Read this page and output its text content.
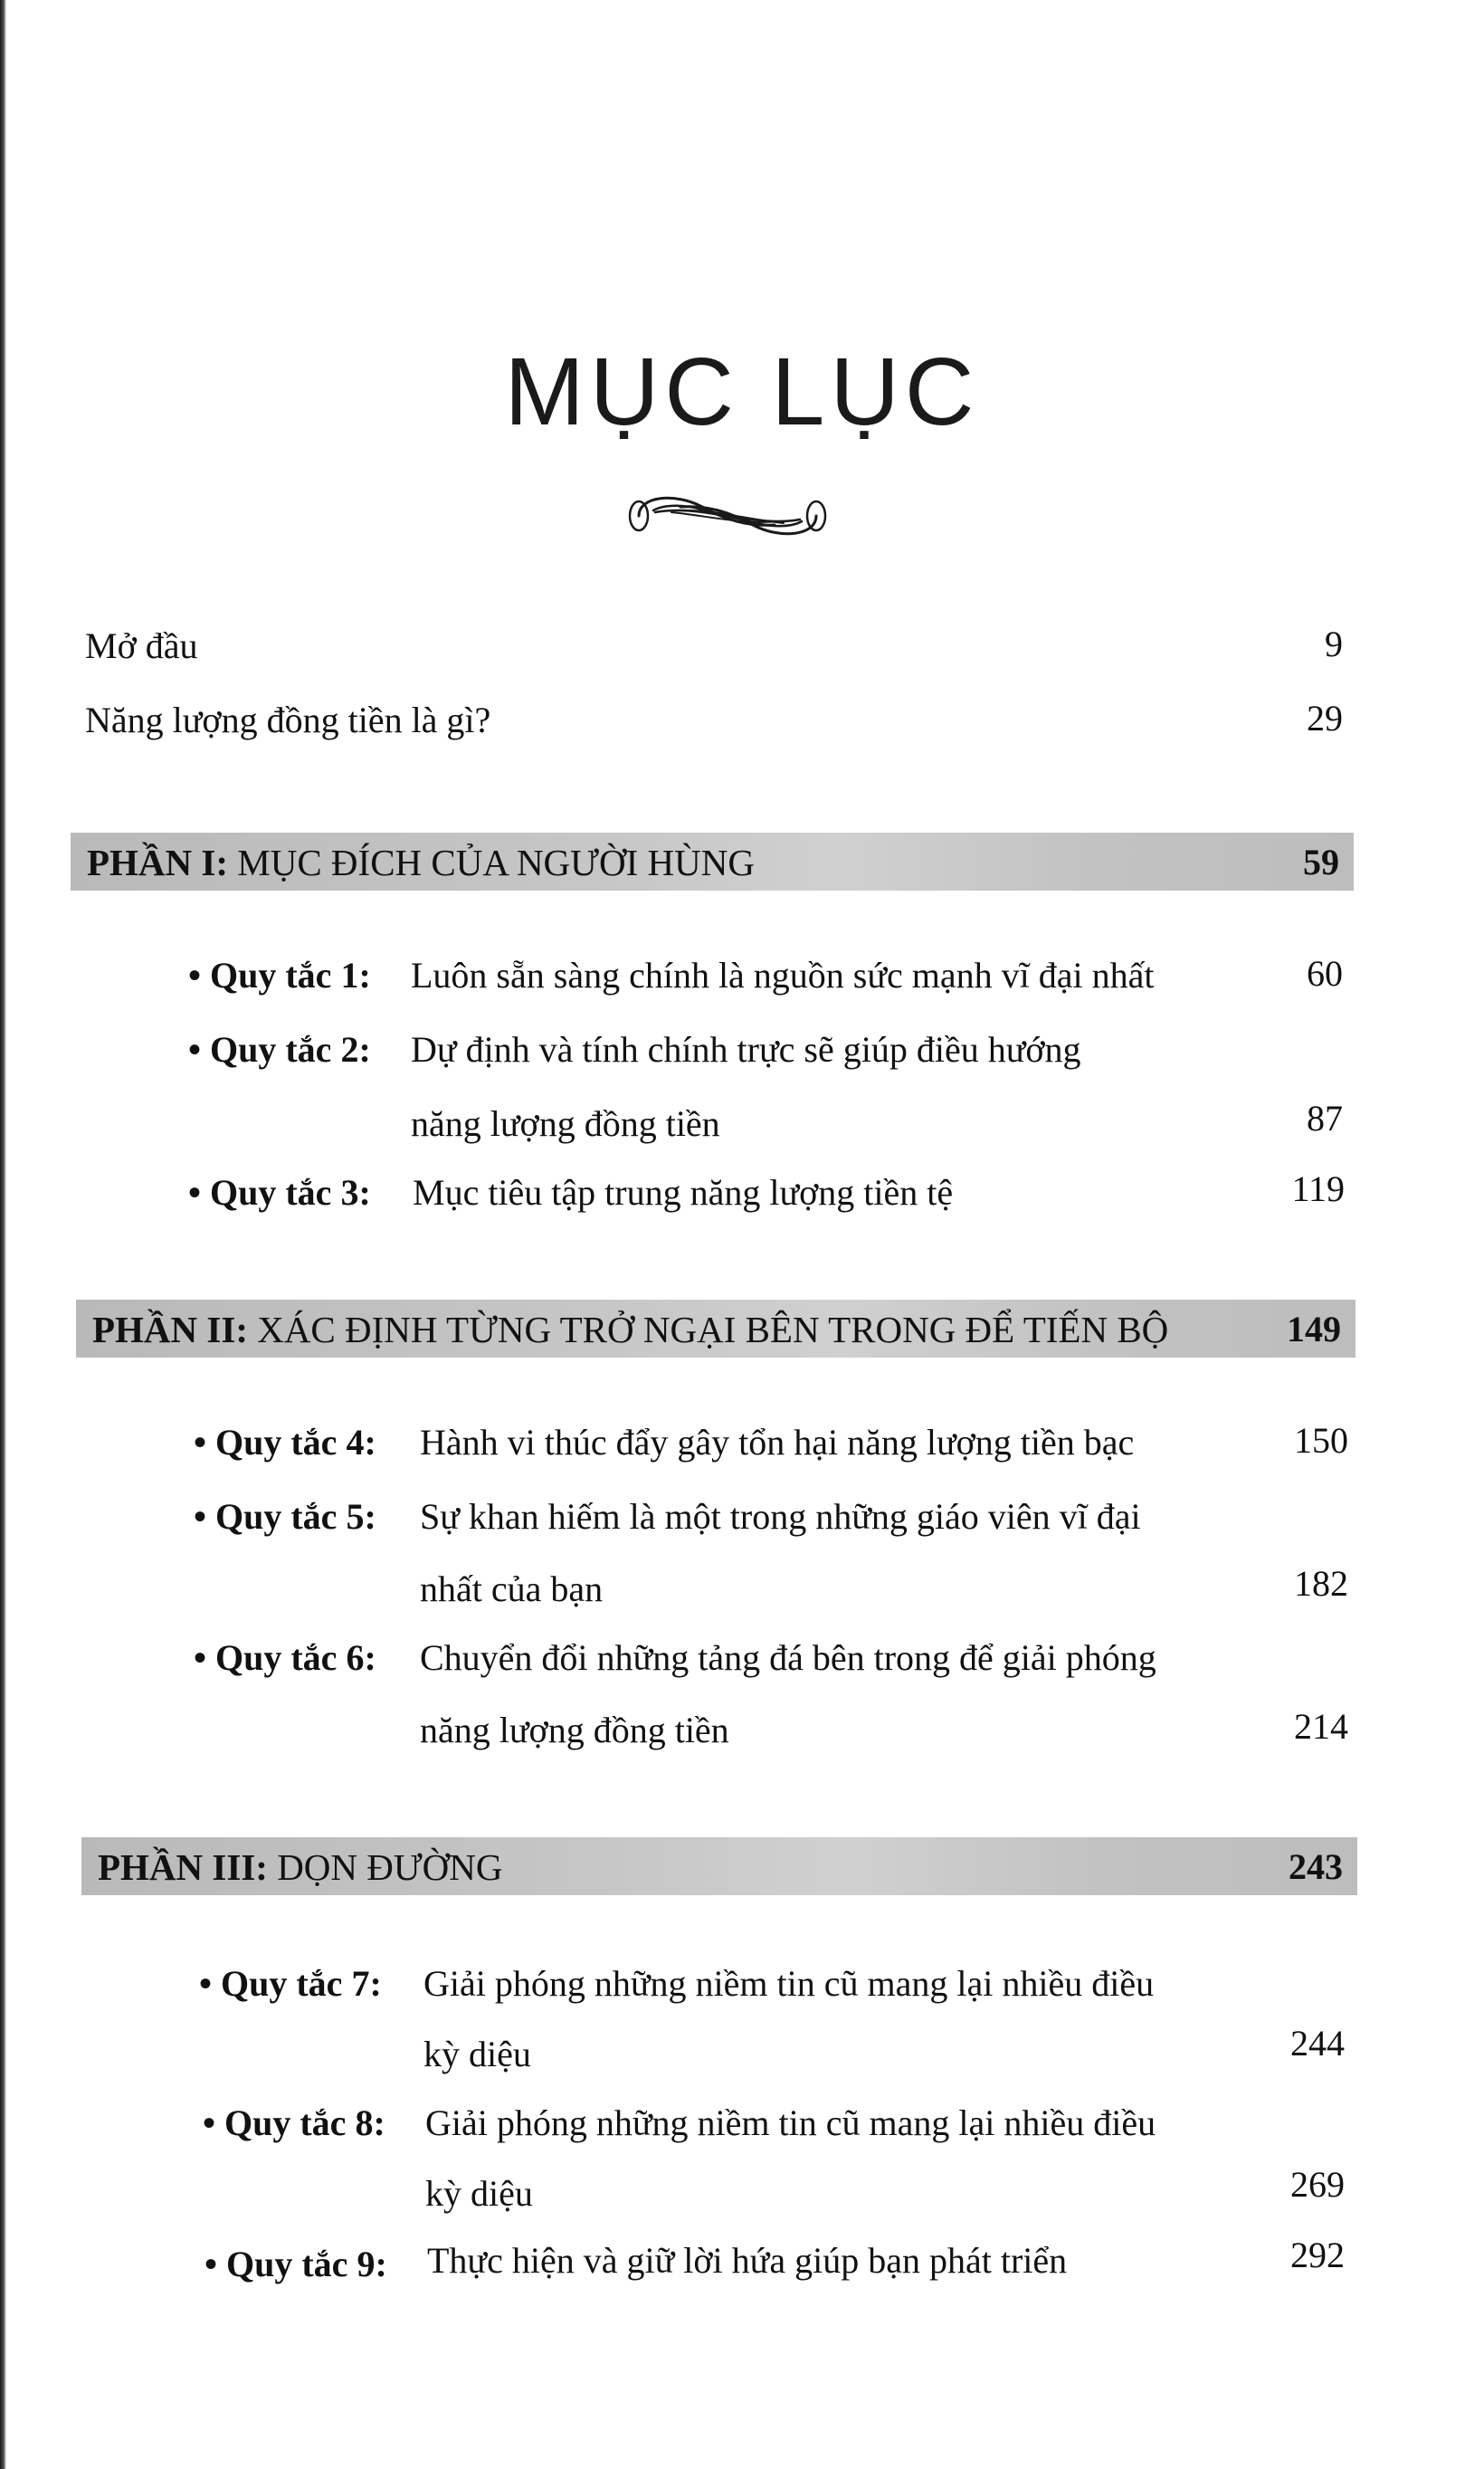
MỤC LỤC
Mở đầu	9
Năng lượng đồng tiền là gì?	29
PHẦN I: MỤC ĐÍCH CỦA NGƯỜI HÙNG	59
• Quy tắc 1: Luôn sẵn sàng chính là nguồn sức mạnh vĩ đại nhất	60
• Quy tắc 2: Dự định và tính chính trực sẽ giúp điều hướng
năng lượng đồng tiền	87
• Quy tắc 3: Mục tiêu tập trung năng lượng tiền tệ	119
PHẦN II: XÁC ĐỊNH TỪNG TRỞ NGẠI BÊN TRONG ĐỂ TIẾN BỘ	149
• Quy tắc 4: Hành vi thúc đẩy gây tổn hại năng lượng tiền bạc	150
• Quy tắc 5: Sự khan hiếm là một trong những giáo viên vĩ đại
nhất của bạn	182
• Quy tắc 6: Chuyển đổi những tảng đá bên trong để giải phóng
năng lượng đồng tiền	214
PHẦN III: DỌN ĐƯỜNG	243
• Quy tắc 7: Giải phóng những niềm tin cũ mang lại nhiều điều
kỳ diệu	244
• Quy tắc 8: Giải phóng những niềm tin cũ mang lại nhiều điều
kỳ diệu	269
• Quy tắc 9: Thực hiện và giữ lời hứa giúp bạn phát triển	292
